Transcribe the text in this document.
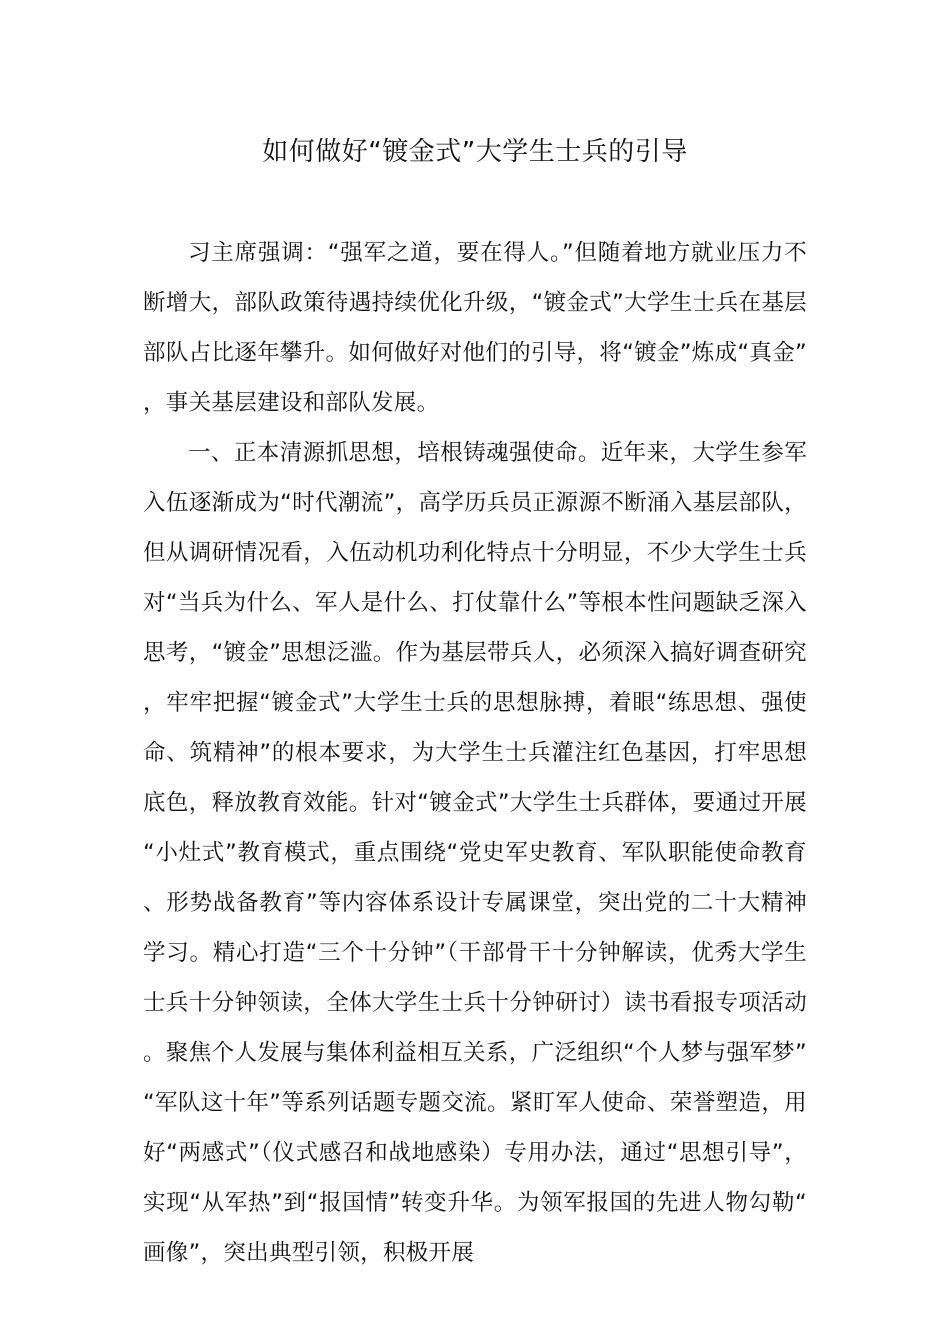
如何做好“镀金式”大学生士兵的引导

习主席强调：“强军之道，要在得人。”但随着地方就业压力不断增大，部队政策待遇持续优化升级，“镀金式”大学生士兵在基层部队占比逐年攀升。如何做好对他们的引导，将“镀金”炼成“真金”，事关基层建设和部队发展。

一、正本清源抓思想，培根铸魂强使命。近年来，大学生参军入伍逐渐成为“时代潮流”，高学历兵员正源源不断涌入基层部队，但从调研情况看，入伍动机功利化特点十分明显，不少大学生士兵对“当兵为什么、军人是什么、打仗靠什么”等根本性问题缺乏深入思考，“镀金”思想泛滥。作为基层带兵人，必须深入搞好调查研究，牢牢把握“镀金式”大学生士兵的思想脉搏，着眼“练思想、强使命、筑精神”的根本要求，为大学生士兵灌注红色基因，打牢思想底色，释放教育效能。针对“镀金式”大学生士兵群体，要通过开展“小灶式”教育模式，重点围绕“党史军史教育、军队职能使命教育、形势战备教育”等内容体系设计专属课堂，突出党的二十大精神学习。精心打造“三个十分钟”（干部骨干十分钟解读，优秀大学生士兵十分钟领读，全体大学生士兵十分钟研讨）读书看报专项活动。聚焦个人发展与集体利益相互关系，广泛组织“个人梦与强军梦”“军队这十年”等系列话题专题交流。紧盯军人使命、荣誉塑造，用好“两感式”（仪式感召和战地感染）专用办法，通过“思想引导”，实现“从军热”到“报国情”转变升华。为领军报国的先进人物勾勒“画像”，突出典型引领，积极开展
